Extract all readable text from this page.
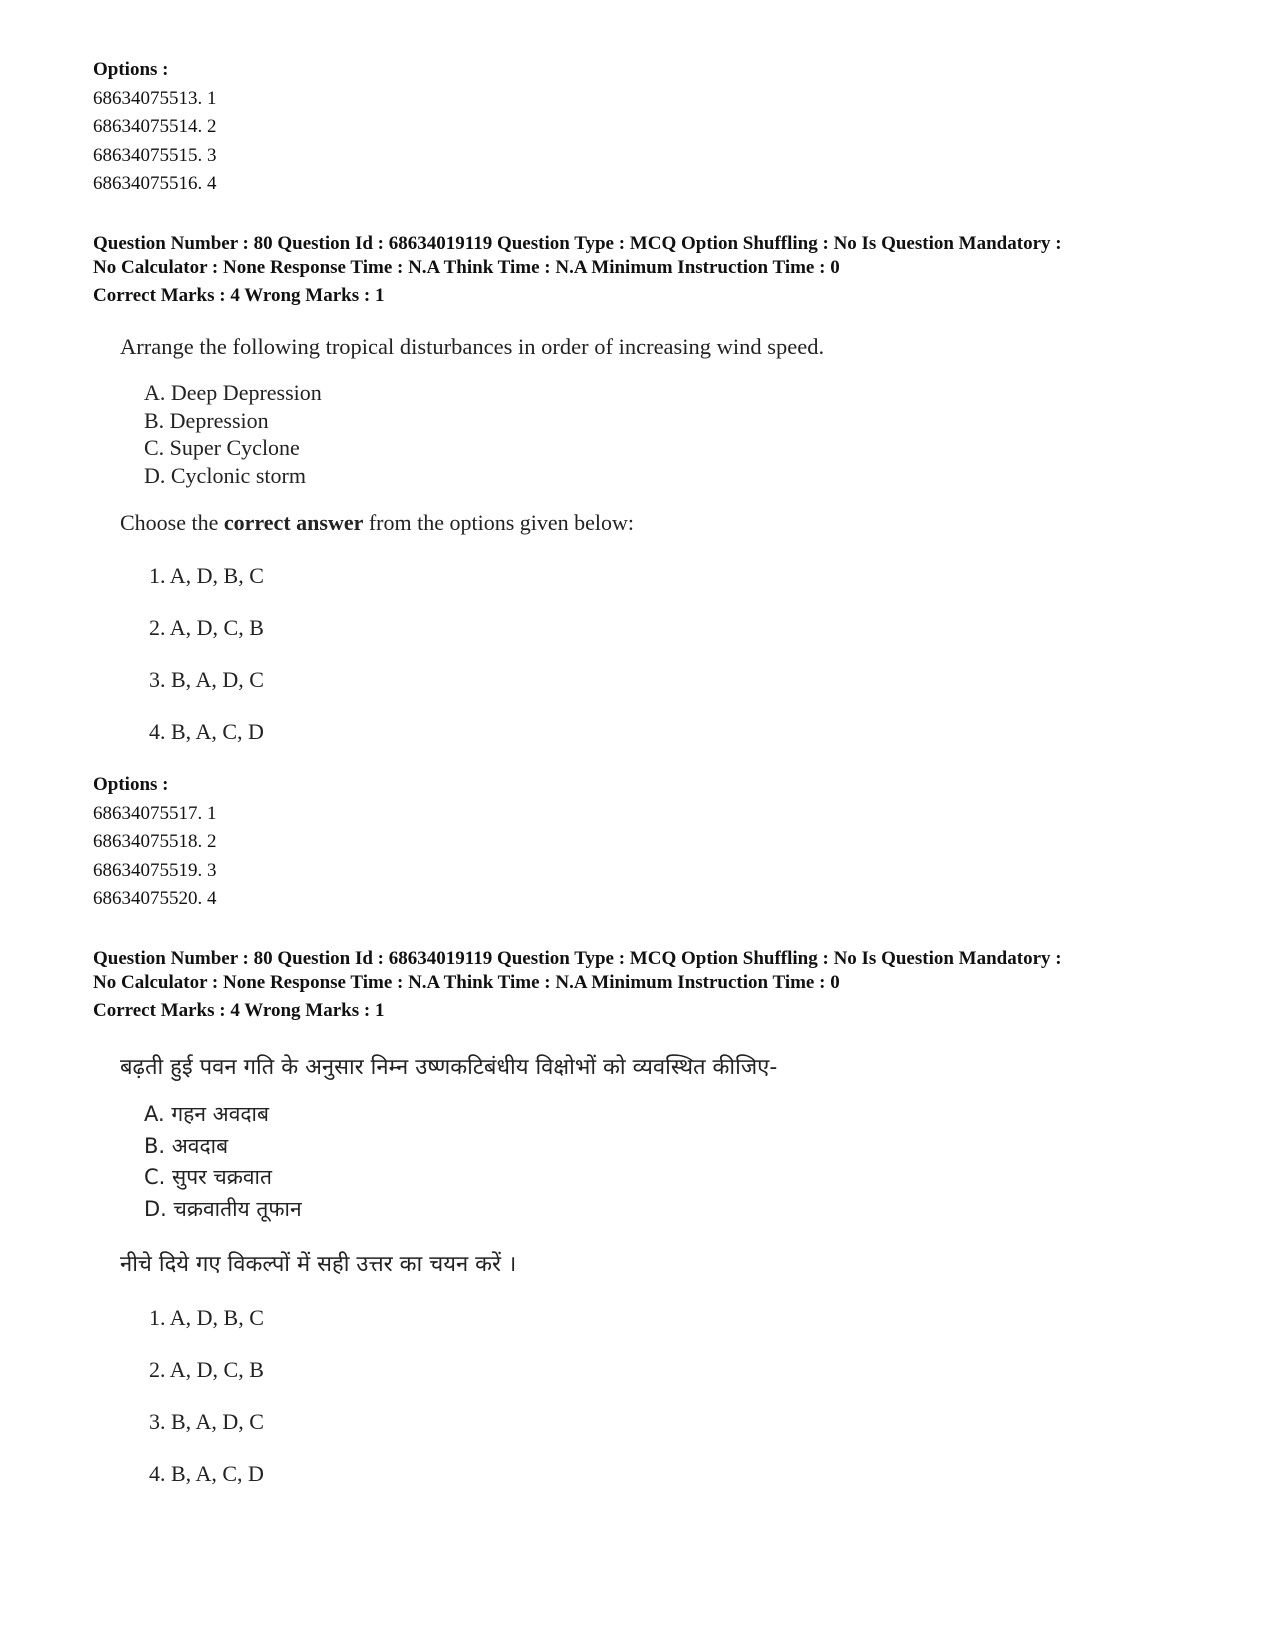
Options :
68634075513. 1
68634075514. 2
68634075515. 3
68634075516. 4
Question Number : 80 Question Id : 68634019119 Question Type : MCQ Option Shuffling : No Is Question Mandatory :
No Calculator : None Response Time : N.A Think Time : N.A Minimum Instruction Time : 0
Correct Marks : 4 Wrong Marks : 1
Arrange the following tropical disturbances in order of increasing wind speed.
A. Deep Depression
B. Depression
C. Super Cyclone
D. Cyclonic storm
Choose the correct answer from the options given below:
1. A, D, B, C
2. A, D, C, B
3. B, A, D, C
4. B, A, C, D
Options :
68634075517. 1
68634075518. 2
68634075519. 3
68634075520. 4
Question Number : 80 Question Id : 68634019119 Question Type : MCQ Option Shuffling : No Is Question Mandatory :
No Calculator : None Response Time : N.A Think Time : N.A Minimum Instruction Time : 0
Correct Marks : 4 Wrong Marks : 1
बढ़ती हुई पवन गति के अनुसार निम्न उष्णकटिबंधीय विक्षोभों को व्यवस्थित कीजिए-
A. गहन अवदाब
B. अवदाब
C. सुपर चक्रवात
D. चक्रवातीय तूफान
नीचे दिये गए विकल्पों में सही उत्तर का चयन करें ।
1. A, D, B, C
2. A, D, C, B
3. B, A, D, C
4. B, A, C, D
